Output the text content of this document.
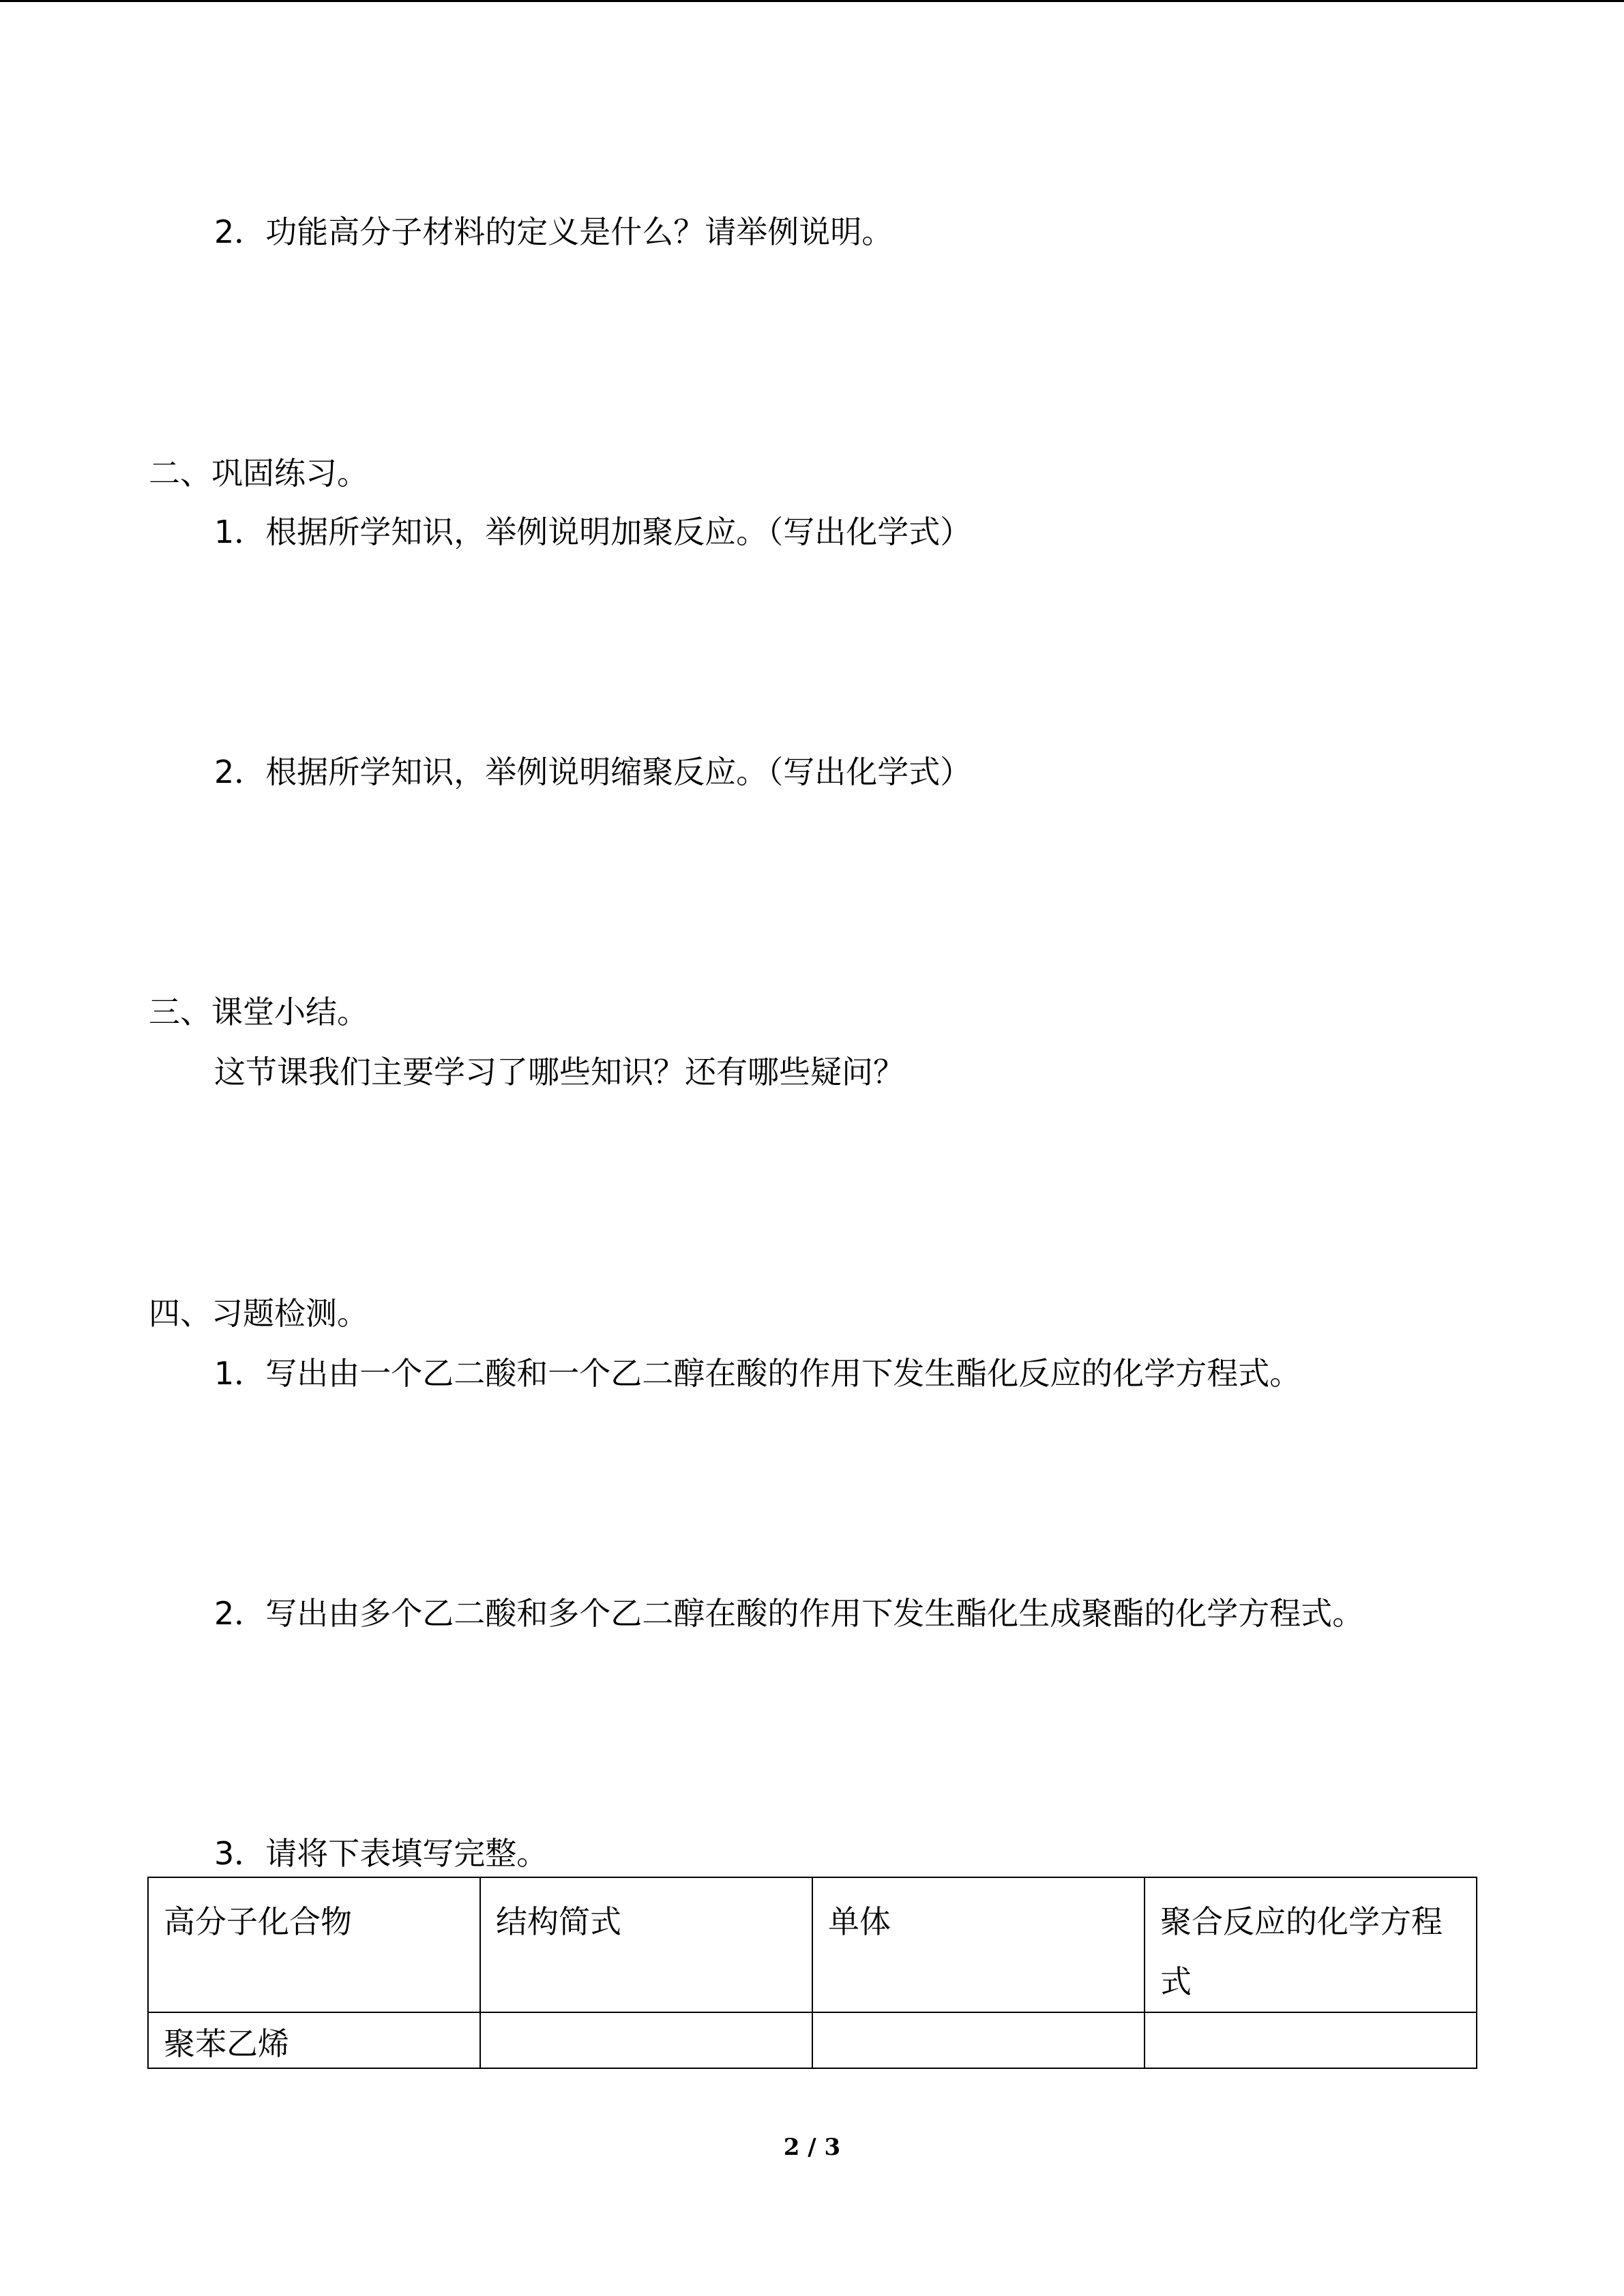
2．功能高分子材料的定义是什么？请举例说明。
二、巩固练习。
1．根据所学知识，举例说明加聚反应。（写出化学式）
2．根据所学知识，举例说明缩聚反应。（写出化学式）
三、课堂小结。
这节课我们主要学习了哪些知识？还有哪些疑问？
四、习题检测。
1．写出由一个乙二酸和一个乙二醇在酸的作用下发生酯化反应的化学方程式。
2．写出由多个乙二酸和多个乙二醇在酸的作用下发生酯化生成聚酯的化学方程式。
3．请将下表填写完整。
高分子化合物	结构简式	单体	聚合反应的化学方程式
聚苯乙烯			
2 / 3
